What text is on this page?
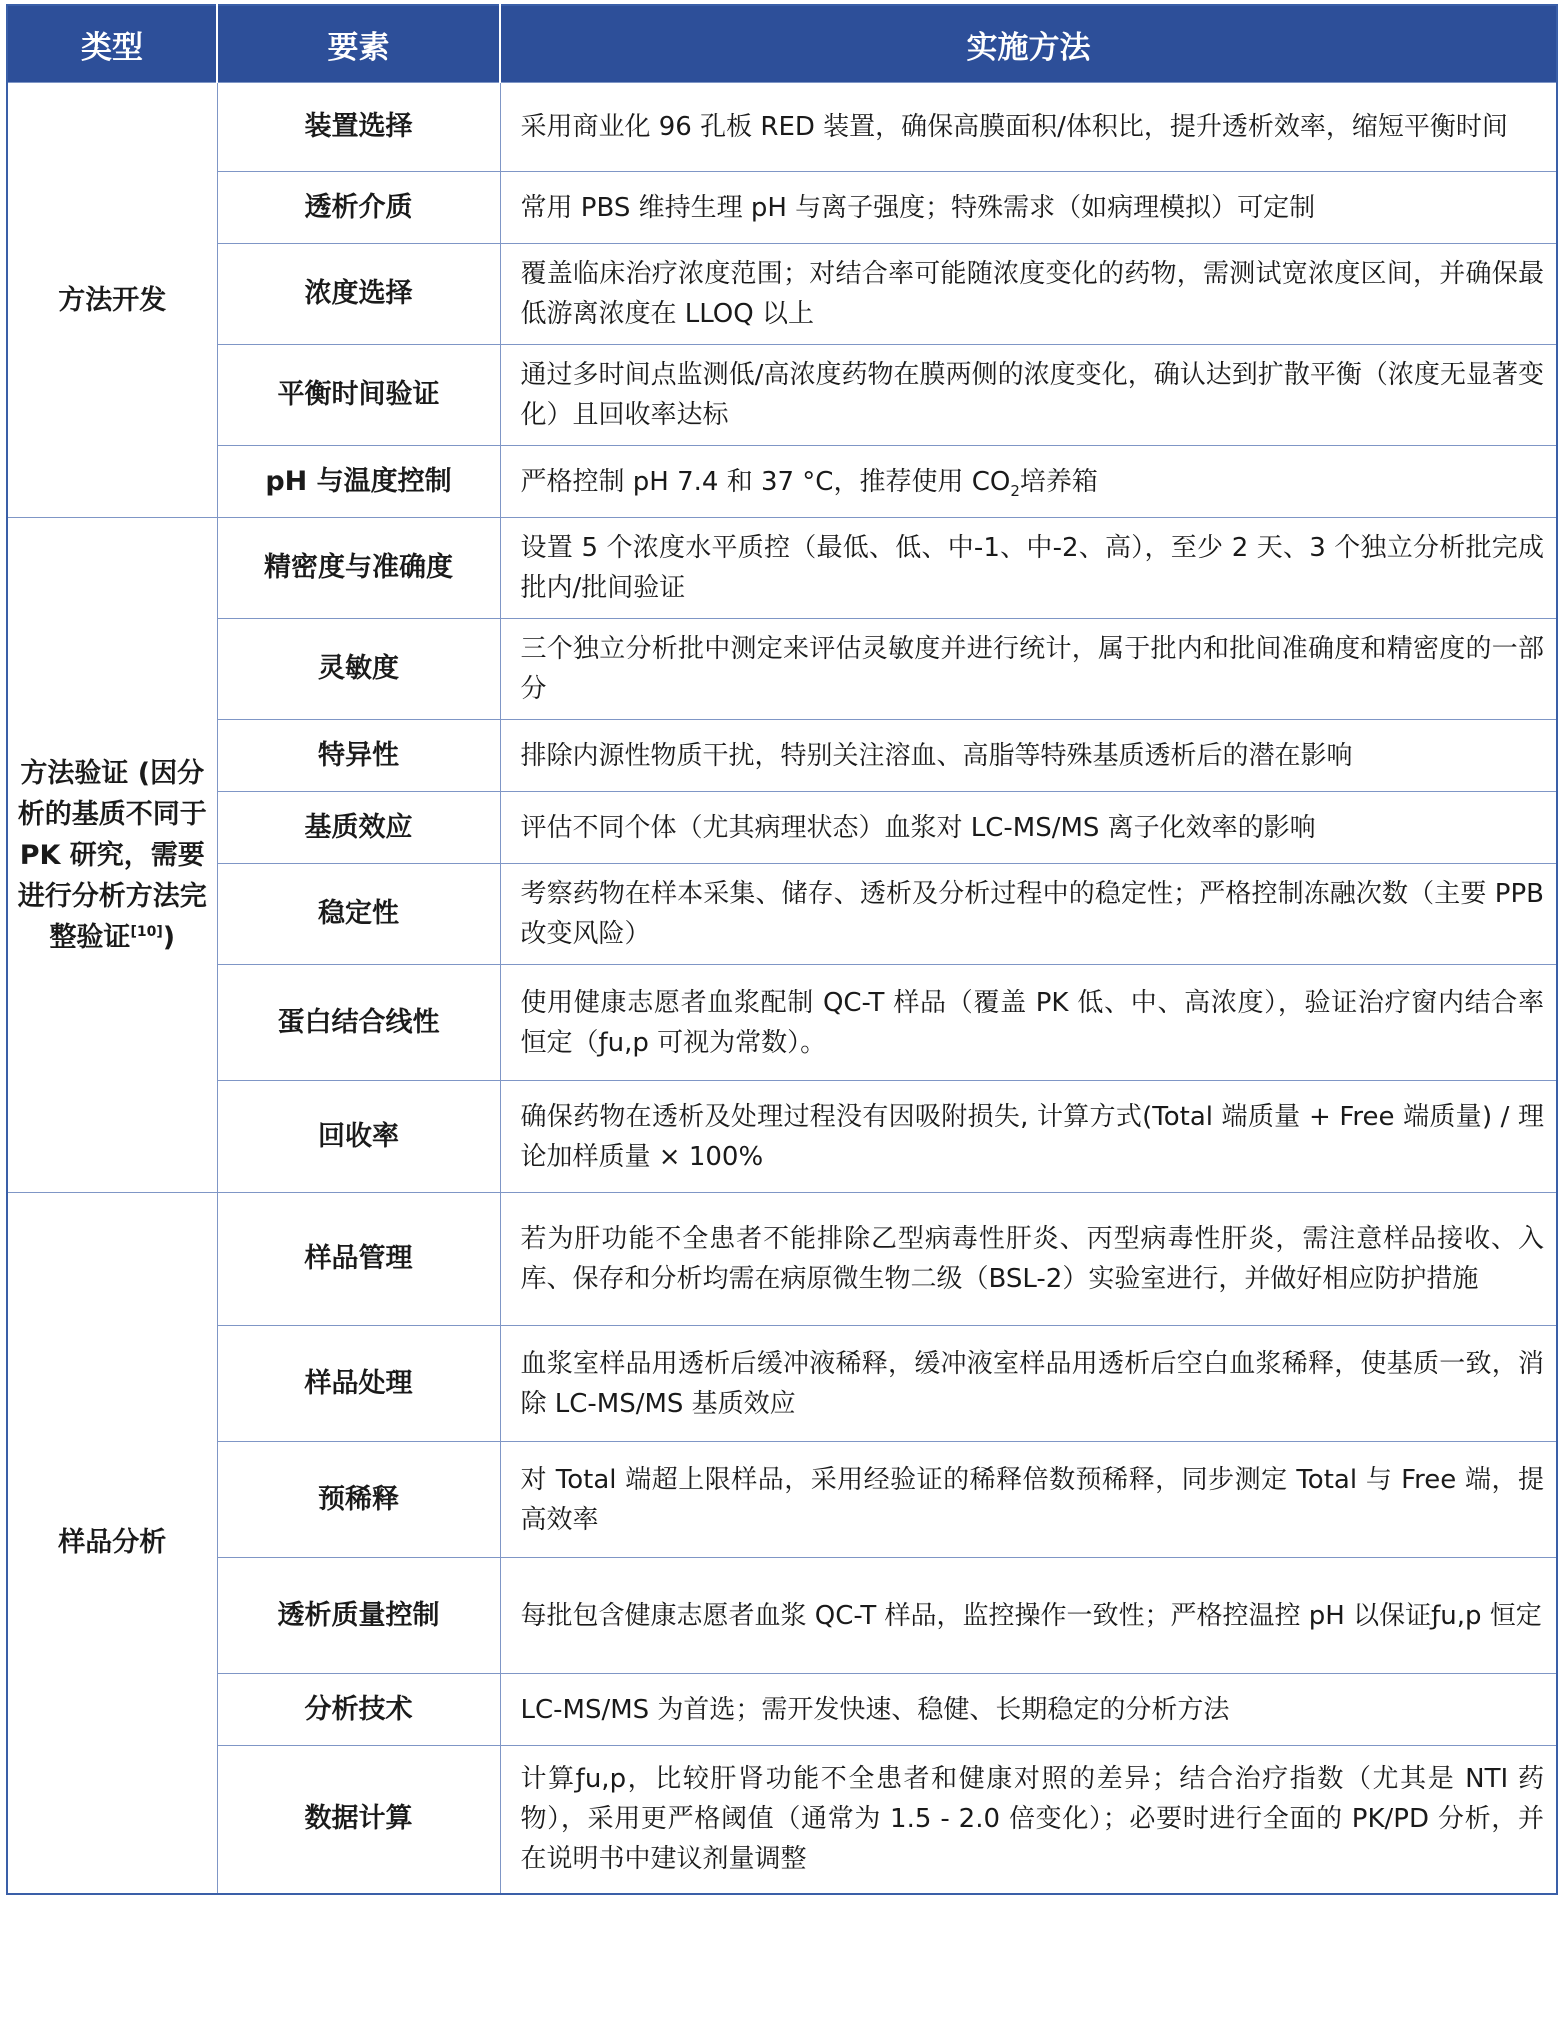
类型	要素	实施方法
方法开发	装置选择	采用商业化 96 孔板 RED 装置，确保高膜面积/体积比，提升透析效率，缩短平衡时间
	透析介质	常用 PBS 维持生理 pH 与离子强度；特殊需求（如病理模拟）可定制
	浓度选择	覆盖临床治疗浓度范围；对结合率可能随浓度变化的药物，需测试宽浓度区间，并确保最低游离浓度在 LLOQ 以上
	平衡时间验证	通过多时间点监测低/高浓度药物在膜两侧的浓度变化，确认达到扩散平衡（浓度无显著变化）且回收率达标
	pH 与温度控制	严格控制 pH 7.4 和 37 °C，推荐使用 $CO_2$培养箱
方法验证 (因分析的基质不同于 PK 研究，需要进行分析方法完整验证[10])	精密度与准确度	设置 5 个浓度水平质控（最低、低、中-1、中-2、高），至少 2 天、3 个独立分析批完成批内/批间验证
	灵敏度	三个独立分析批中测定来评估灵敏度并进行统计，属于批内和批间准确度和精密度的一部分
	特异性	排除内源性物质干扰，特别关注溶血、高脂等特殊基质透析后的潜在影响
	基质效应	评估不同个体（尤其病理状态）血浆对 LC-MS/MS 离子化效率的影响
	稳定性	考察药物在样本采集、储存、透析及分析过程中的稳定性；严格控制冻融次数（主要 PPB 改变风险）
	蛋白结合线性	使用健康志愿者血浆配制 QC-T 样品（覆盖 PK 低、中、高浓度），验证治疗窗内结合率恒定（ƒu,p 可视为常数）。
	回收率	确保药物在透析及处理过程没有因吸附损失, 计算方式(Total 端质量 + Free 端质量) / 理论加样质量 × 100%
样品分析	样品管理	若为肝功能不全患者不能排除乙型病毒性肝炎、丙型病毒性肝炎，需注意样品接收、入库、保存和分析均需在病原微生物二级（BSL-2）实验室进行，并做好相应防护措施
	样品处理	血浆室样品用透析后缓冲液稀释，缓冲液室样品用透析后空白血浆稀释，使基质一致，消除 LC-MS/MS 基质效应
	预稀释	对 Total 端超上限样品，采用经验证的稀释倍数预稀释，同步测定 Total 与 Free 端，提高效率
	透析质量控制	每批包含健康志愿者血浆 QC-T 样品，监控操作一致性；严格控温控 pH 以保证ƒu,p 恒定
	分析技术	LC-MS/MS 为首选；需开发快速、稳健、长期稳定的分析方法
	数据计算	计算ƒu,p，比较肝肾功能不全患者和健康对照的差异；结合治疗指数（尤其是 NTI 药物），采用更严格阈值（通常为 1.5 - 2.0 倍变化）；必要时进行全面的 PK/PD 分析，并在说明书中建议剂量调整
